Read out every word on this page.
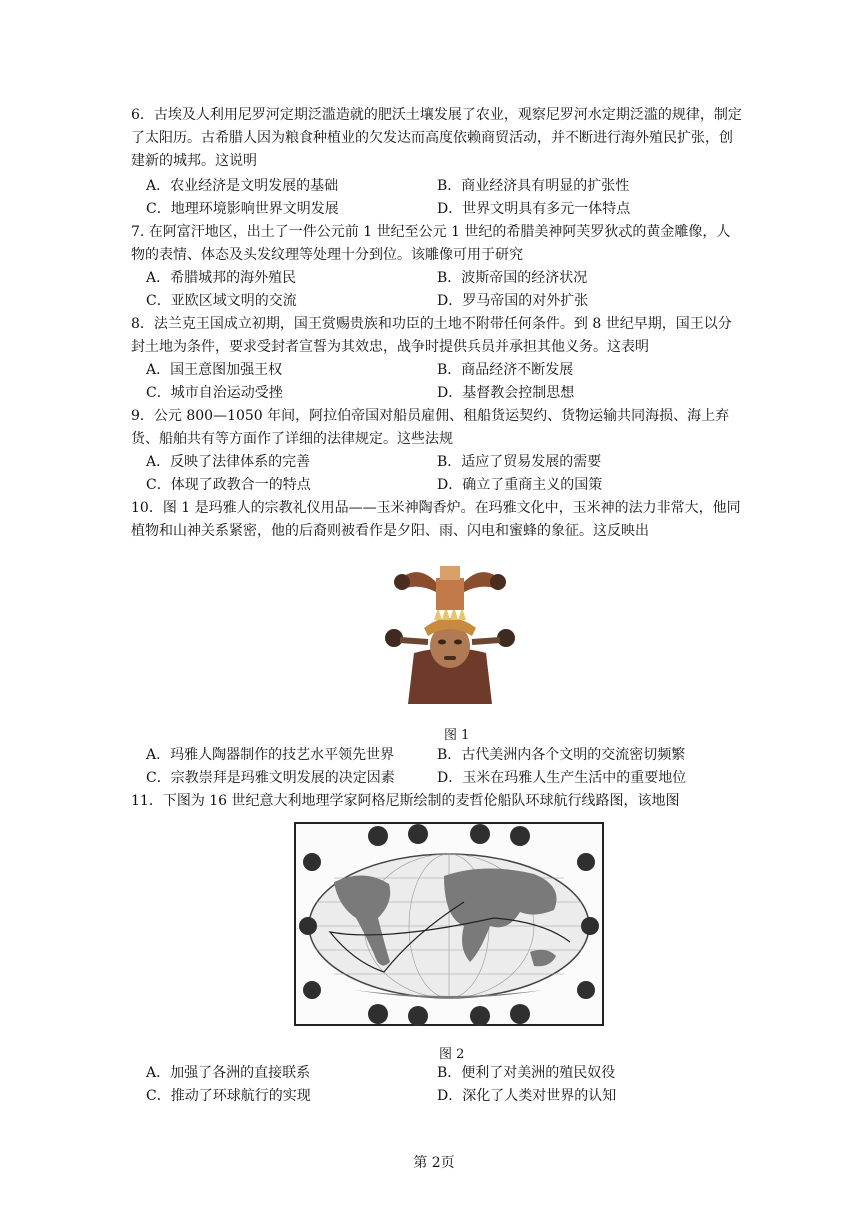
6．古埃及人利用尼罗河定期泛滥造就的肥沃土壤发展了农业，观察尼罗河水定期泛滥的规律，制定了太阳历。古希腊人因为粮食种植业的欠发达而高度依赖商贸活动，并不断进行海外殖民扩张，创建新的城邦。这说明
A．农业经济是文明发展的基础	B．商业经济具有明显的扩张性
C．地理环境影响世界文明发展	D．世界文明具有多元一体特点
7. 在阿富汗地区，出土了一件公元前 1 世纪至公元 1 世纪的希腊美神阿芙罗狄忒的黄金雕像，人物的表情、体态及头发纹理等处理十分到位。该雕像可用于研究
A．希腊城邦的海外殖民	B．波斯帝国的经济状况
C．亚欧区域文明的交流	D．罗马帝国的对外扩张
8．法兰克王国成立初期，国王赏赐贵族和功臣的土地不附带任何条件。到 8 世纪早期，国王以分封土地为条件，要求受封者宣誓为其效忠，战争时提供兵员并承担其他义务。这表明
A．国王意图加强王权	B．商品经济不断发展
C．城市自治运动受挫	D．基督教会控制思想
9．公元 800—1050 年间，阿拉伯帝国对船员雇佣、租船货运契约、货物运输共同海损、海上弃货、船舶共有等方面作了详细的法律规定。这些法规
A．反映了法律体系的完善	B．适应了贸易发展的需要
C．体现了政教合一的特点	D．确立了重商主义的国策
10．图 1 是玛雅人的宗教礼仪用品——玉米神陶香炉。在玛雅文化中，玉米神的法力非常大，他同植物和山神关系紧密，他的后裔则被看作是夕阳、雨、闪电和蜜蜂的象征。这反映出
图 1
A．玛雅人陶器制作的技艺水平领先世界	B．古代美洲内各个文明的交流密切频繁
C．宗教崇拜是玛雅文明发展的决定因素	D．玉米在玛雅人生产生活中的重要地位
11．下图为 16 世纪意大利地理学家阿格尼斯绘制的麦哲伦船队环球航行线路图，该地图
图 2
A．加强了各洲的直接联系	B．便利了对美洲的殖民奴役
C．推动了环球航行的实现	D．深化了人类对世界的认知
第 2页
